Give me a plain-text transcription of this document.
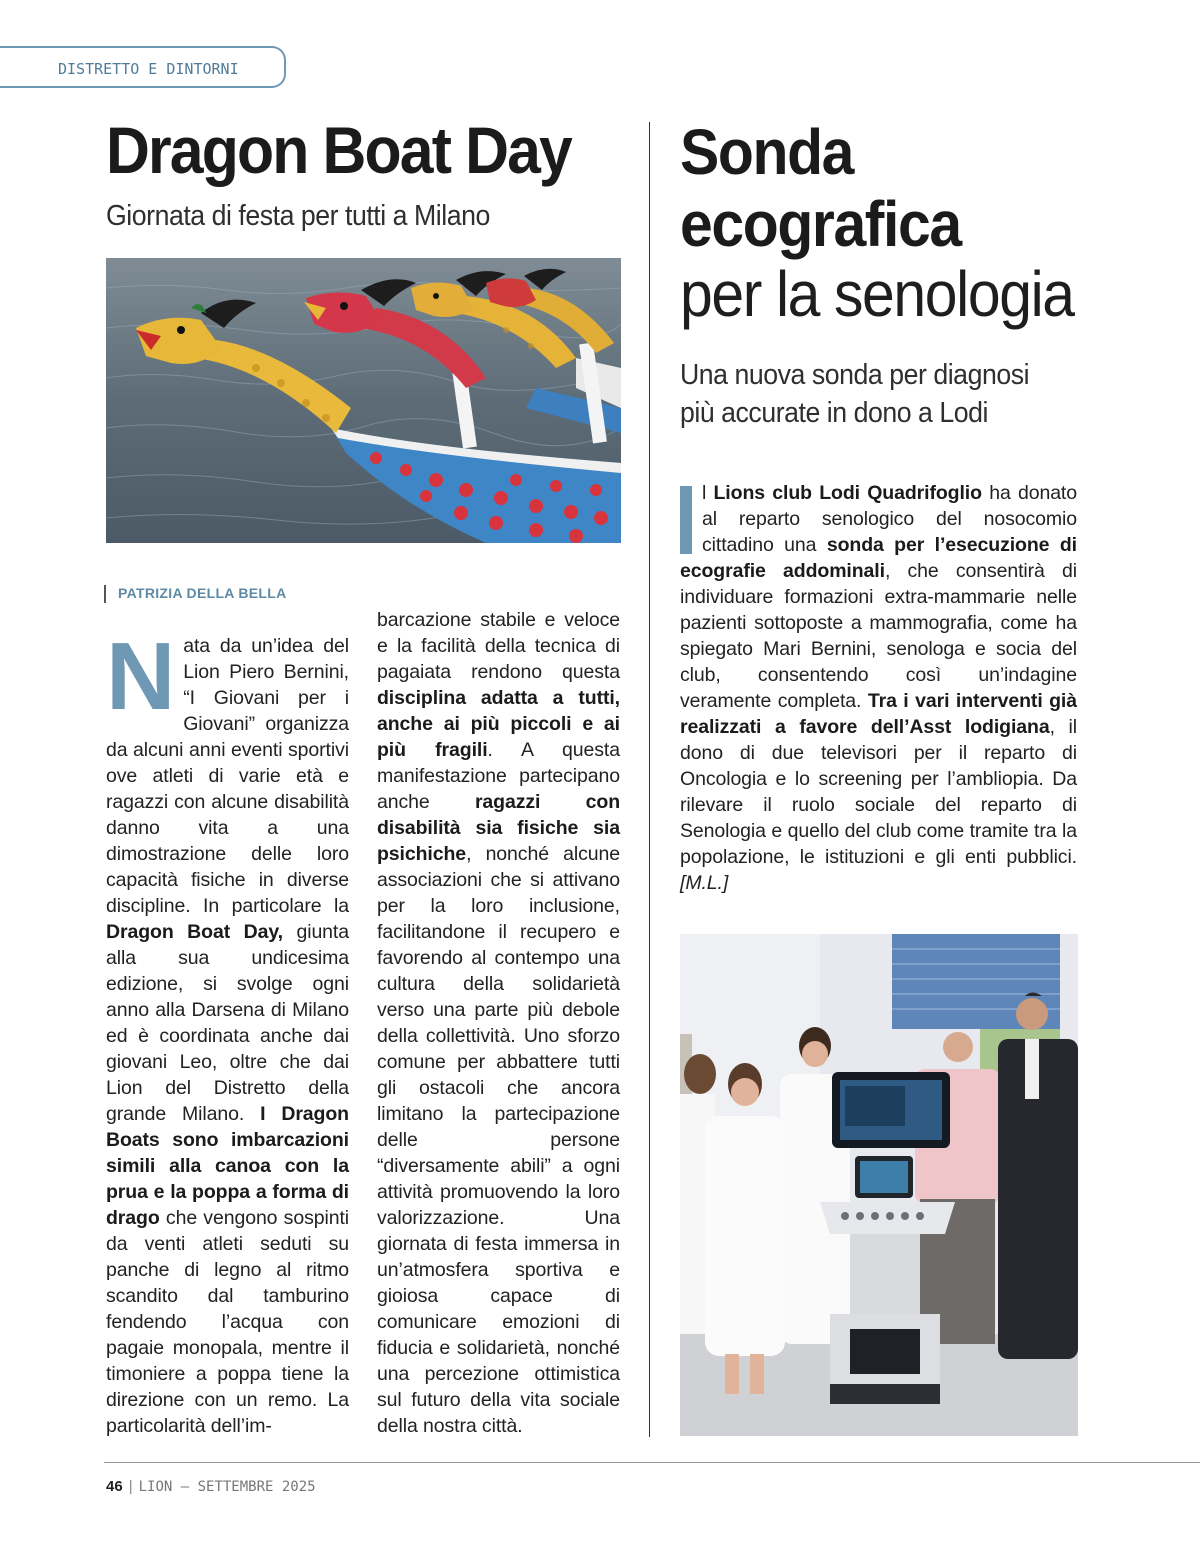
DISTRETTO E DINTORNI
Dragon Boat Day
Giornata di festa per tutti a Milano
PATRIZIA DELLA BELLA
N ata da un’idea del Lion Piero Bernini, “I Giovani per i Giovani” organizza da alcuni anni eventi sportivi ove atleti di varie età e ragazzi con alcune disabilità danno vita a una dimostrazione delle loro capacità fisiche in diverse discipline. In particolare la Dragon Boat Day, giunta alla sua undicesima edizione, si svolge ogni anno alla Darsena di Milano ed è coordinata anche dai giovani Leo, oltre che dai Lion del Distretto della grande Milano. I Dragon Boats sono imbarcazioni simili alla canoa con la prua e la poppa a forma di drago che vengono sospinti da venti atleti seduti su panche di legno al ritmo scandito dal tamburino fendendo l’acqua con pagaie monopala, mentre il timoniere a poppa tiene la direzione con un remo. La particolarità dell’im-
barcazione stabile e veloce e la facilità della tecnica di pagaiata rendono questa disciplina adatta a tutti, anche ai più piccoli e ai più fragili. A questa manifestazione partecipano anche ragazzi con disabilità sia fisiche sia psichiche, nonché alcune associazioni che si attivano per la loro inclusione, facilitandone il recupero e favorendo al contempo una cultura della solidarietà verso una parte più debole della collettività. Uno sforzo comune per abbattere tutti gli ostacoli che ancora limitano la partecipazione delle persone “diversamente abili” a ogni attività promuovendo la loro valorizzazione. Una giornata di festa immersa in un’atmosfera sportiva e gioiosa capace di comunicare emozioni di fiducia e solidarietà, nonché una percezione ottimistica sul futuro della vita sociale della nostra città.
Sonda
ecografica
per la senologia
Una nuova sonda per diagnosi più accurate in dono a Lodi
l Lions club Lodi Quadrifoglio ha donato al reparto senologico del nosocomio cittadino una sonda per l’esecuzione di ecografie addominali, che consentirà di individuare formazioni extra-mammarie nelle pazienti sottoposte a mammografia, come ha spiegato Mari Bernini, senologa e socia del club, consentendo così un’indagine veramente completa. Tra i vari interventi già realizzati a favore dell’Asst lodigiana, il dono di due televisori per il reparto di Oncologia e lo screening per l’ambliopia. Da rilevare il ruolo sociale del reparto di Senologia e quello del club come tramite tra la popolazione, le istituzioni e gli enti pubblici. [M.L.]
46 | LION – SETTEMBRE 2025
